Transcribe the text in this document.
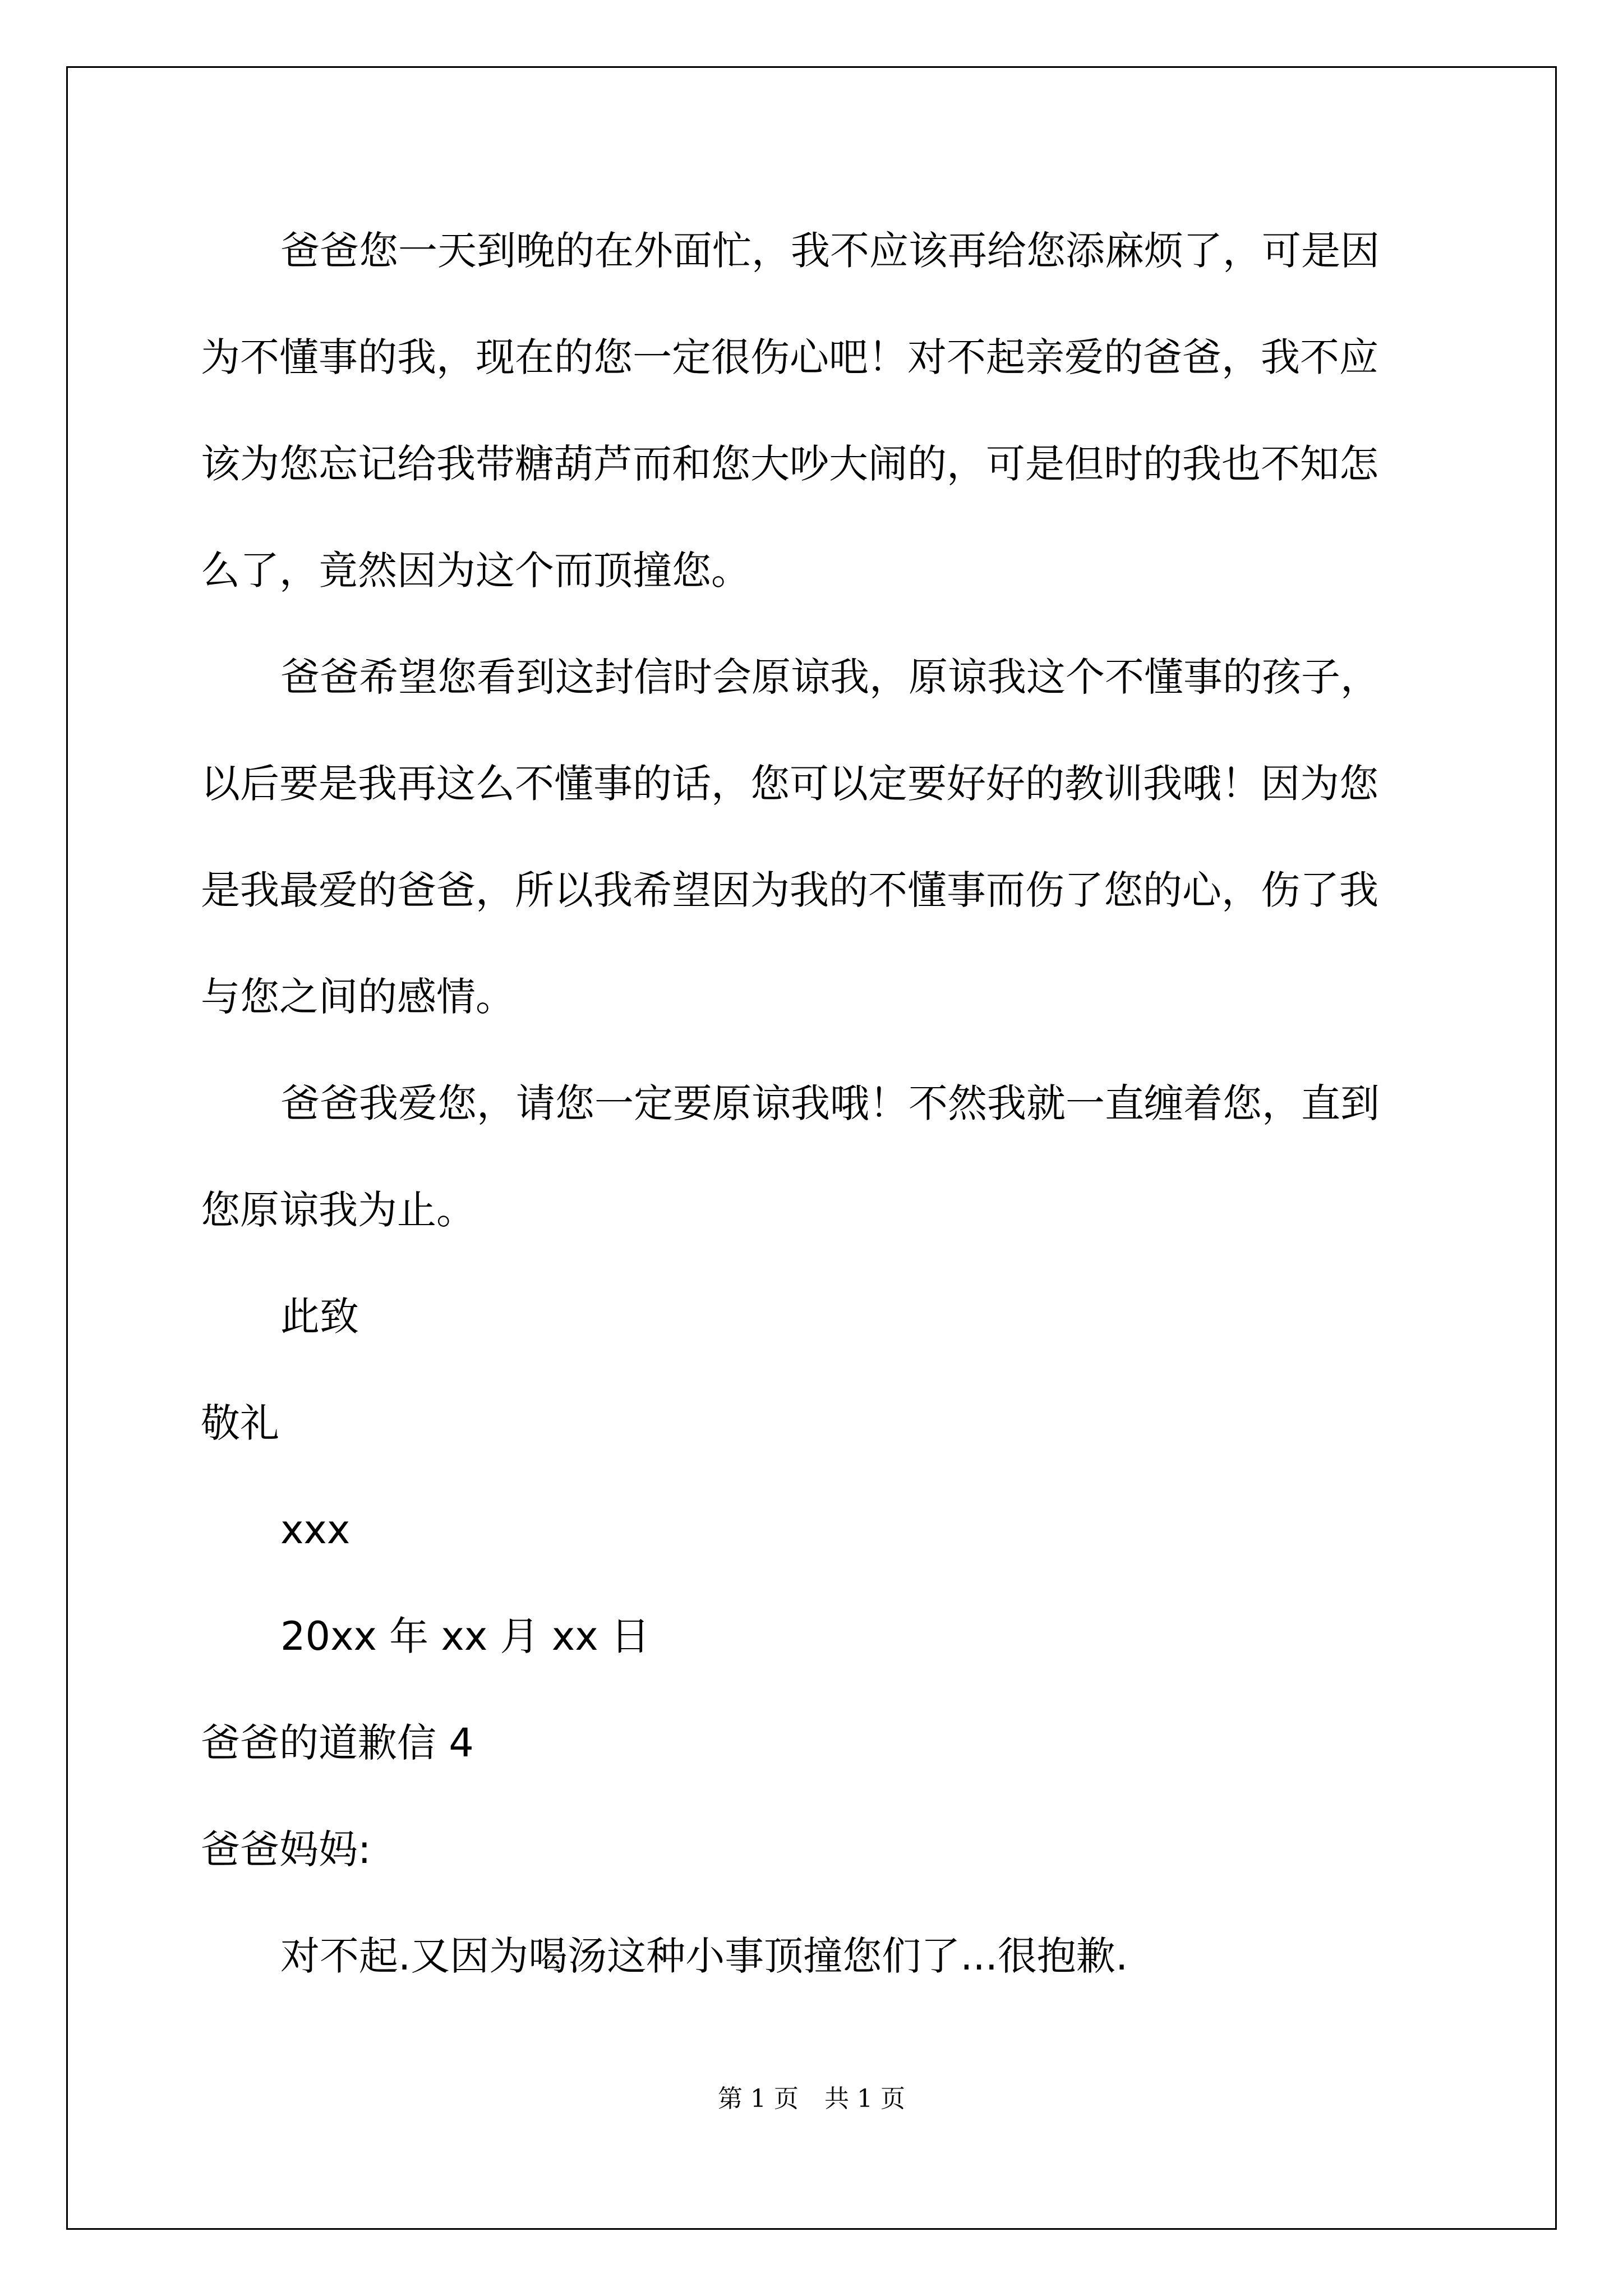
爸爸您一天到晚的在外面忙，我不应该再给您添麻烦了，可是因
为不懂事的我，现在的您一定很伤心吧！对不起亲爱的爸爸，我不应
该为您忘记给我带糖葫芦而和您大吵大闹的，可是但时的我也不知怎
么了，竟然因为这个而顶撞您。
爸爸希望您看到这封信时会原谅我，原谅我这个不懂事的孩子，
以后要是我再这么不懂事的话，您可以定要好好的教训我哦！因为您
是我最爱的爸爸，所以我希望因为我的不懂事而伤了您的心，伤了我
与您之间的感情。
爸爸我爱您，请您一定要原谅我哦！不然我就一直缠着您，直到
您原谅我为止。
此致
敬礼
xxx
20xx 年 xx 月 xx 日
爸爸的道歉信 4
爸爸妈妈:
对不起.又因为喝汤这种小事顶撞您们了...很抱歉.
第 1 页 共 1 页
